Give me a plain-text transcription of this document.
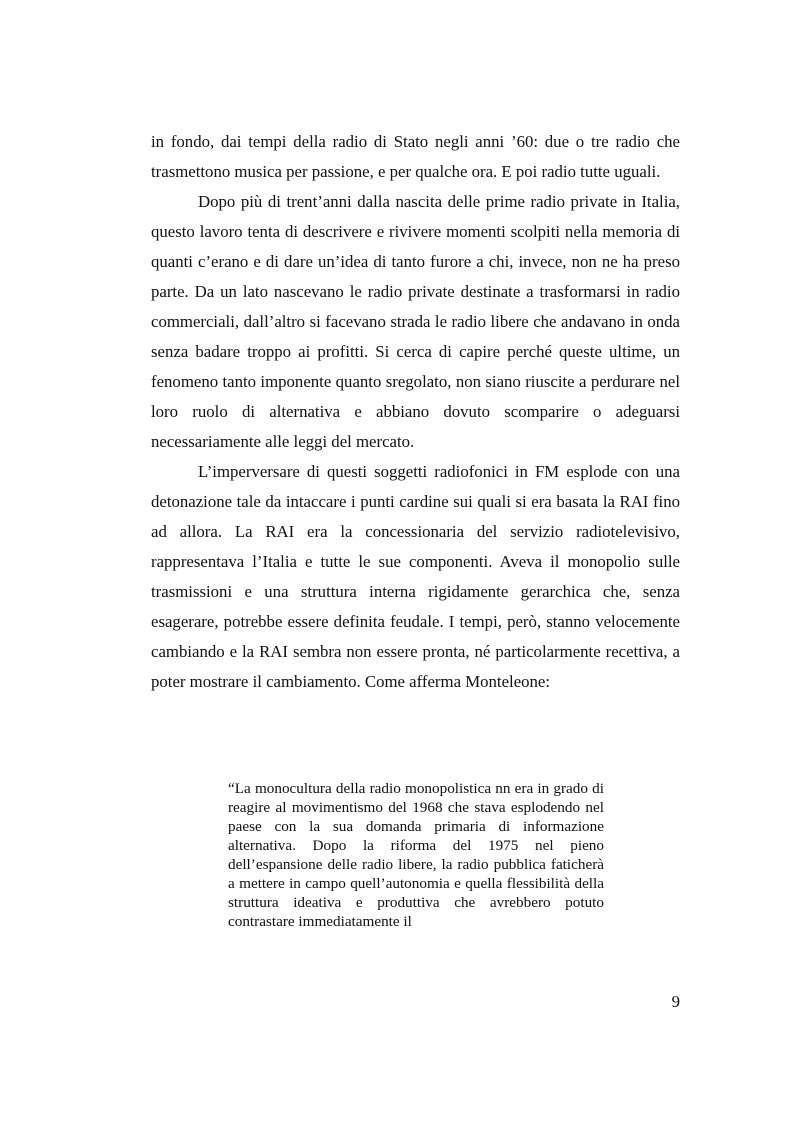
in fondo, dai tempi della radio di Stato negli anni ’60: due o tre radio che trasmettono musica per passione, e per qualche ora. E poi radio tutte uguali.

Dopo più di trent’anni dalla nascita delle prime radio private in Italia, questo lavoro tenta di descrivere e rivivere momenti scolpiti nella memoria di quanti c’erano e di dare un’idea di tanto furore a chi, invece, non ne ha preso parte. Da un lato nascevano le radio private destinate a trasformarsi in radio commerciali, dall’altro si facevano strada le radio libere che andavano in onda senza badare troppo ai profitti. Si cerca di capire perché queste ultime, un fenomeno tanto imponente quanto sregolato, non siano riuscite a perdurare nel loro ruolo di alternativa e abbiano dovuto scomparire o adeguarsi necessariamente alle leggi del mercato.

L’imperversare di questi soggetti radiofonici in FM esplode con una detonazione tale da intaccare i punti cardine sui quali si era basata la RAI fino ad allora. La RAI era la concessionaria del servizio radiotelevisivo, rappresentava l’Italia e tutte le sue componenti. Aveva il monopolio sulle trasmissioni e una struttura interna rigidamente gerarchica che, senza esagerare, potrebbe essere definita feudale. I tempi, però, stanno velocemente cambiando e la RAI sembra non essere pronta, né particolarmente recettiva, a poter mostrare il cambiamento. Come afferma Monteleone:

“La monocultura della radio monopolistica nn era in grado di reagire al movimentismo del 1968 che stava esplodendo nel paese con la sua domanda primaria di informazione alternativa. Dopo la riforma del 1975 nel pieno dell’espansione delle radio libere, la radio pubblica faticherà a mettere in campo quell’autonomia e quella flessibilità della struttura ideativa e produttiva che avrebbero potuto contrastare immediatamente il

9
